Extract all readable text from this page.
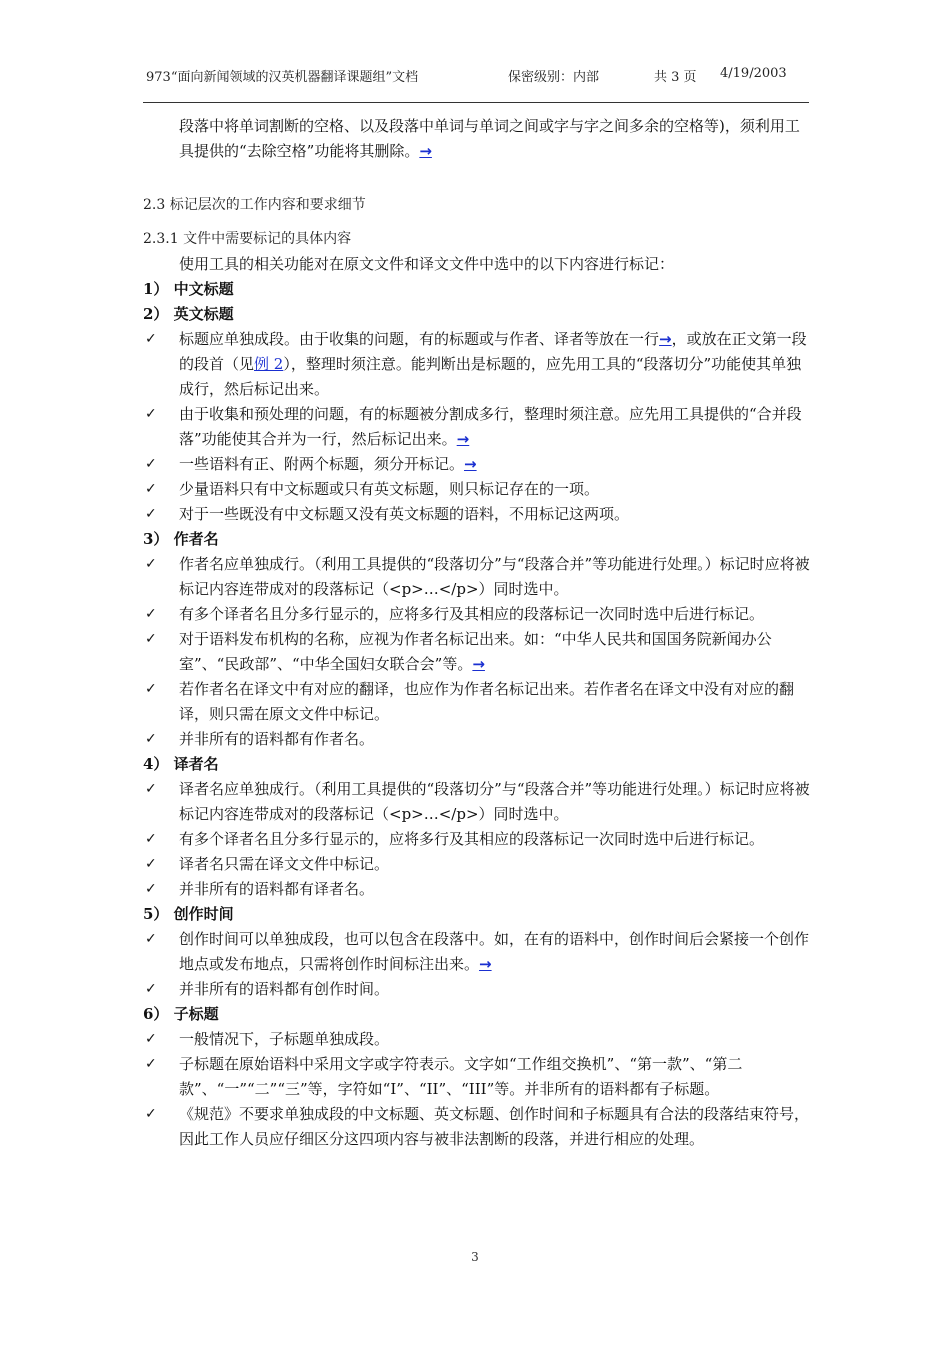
973“面向新闻领域的汉英机器翻译课题组”文档	保密级别：内部	共 3 页 4/19/2003

段落中将单词割断的空格、以及段落中单词与单词之间或字与字之间多余的空格等)，须利用工具提供的“去除空格”功能将其删除。→

2.3 标记层次的工作内容和要求细节

2.3.1 文件中需要标记的具体内容

使用工具的相关功能对在原文文件和译文文件中选中的以下内容进行标记：

1） 中文标题

2） 英文标题

✓ 标题应单独成段。由于收集的问题，有的标题或与作者、译者等放在一行→，或放在正文第一段的段首（见例 2），整理时须注意。能判断出是标题的，应先用工具的“段落切分”功能使其单独成行，然后标记出来。

✓ 由于收集和预处理的问题，有的标题被分割成多行，整理时须注意。应先用工具提供的“合并段落”功能使其合并为一行，然后标记出来。→

✓ 一些语料有正、附两个标题，须分开标记。→

✓ 少量语料只有中文标题或只有英文标题，则只标记存在的一项。

✓ 对于一些既没有中文标题又没有英文标题的语料，不用标记这两项。

3） 作者名

✓ 作者名应单独成行。（利用工具提供的“段落切分”与“段落合并”等功能进行处理。）标记时应将被标记内容连带成对的段落标记（<p>…</p>）同时选中。

✓ 有多个译者名且分多行显示的，应将多行及其相应的段落标记一次同时选中后进行标记。

✓ 对于语料发布机构的名称，应视为作者名标记出来。如：“中华人民共和国国务院新闻办公室”、“民政部”、“中华全国妇女联合会”等。→

✓ 若作者名在译文中有对应的翻译，也应作为作者名标记出来。若作者名在译文中没有对应的翻译，则只需在原文文件中标记。

✓ 并非所有的语料都有作者名。

4） 译者名

✓ 译者名应单独成行。（利用工具提供的“段落切分”与“段落合并”等功能进行处理。）标记时应将被标记内容连带成对的段落标记（<p>…</p>）同时选中。

✓ 有多个译者名且分多行显示的，应将多行及其相应的段落标记一次同时选中后进行标记。

✓ 译者名只需在译文文件中标记。

✓ 并非所有的语料都有译者名。

5） 创作时间

✓ 创作时间可以单独成段，也可以包含在段落中。如，在有的语料中，创作时间后会紧接一个创作地点或发布地点，只需将创作时间标注出来。→

✓ 并非所有的语料都有创作时间。

6） 子标题

✓ 一般情况下，子标题单独成段。

✓ 子标题在原始语料中采用文字或字符表示。文字如“工作组交换机”、“第一款”、“第二款”、“一”“二”“三”等，字符如“I”、“II”、“III”等。并非所有的语料都有子标题。

✓ 《规范》不要求单独成段的中文标题、英文标题、创作时间和子标题具有合法的段落结束符号，因此工作人员应仔细区分这四项内容与被非法割断的段落，并进行相应的处理。

3
